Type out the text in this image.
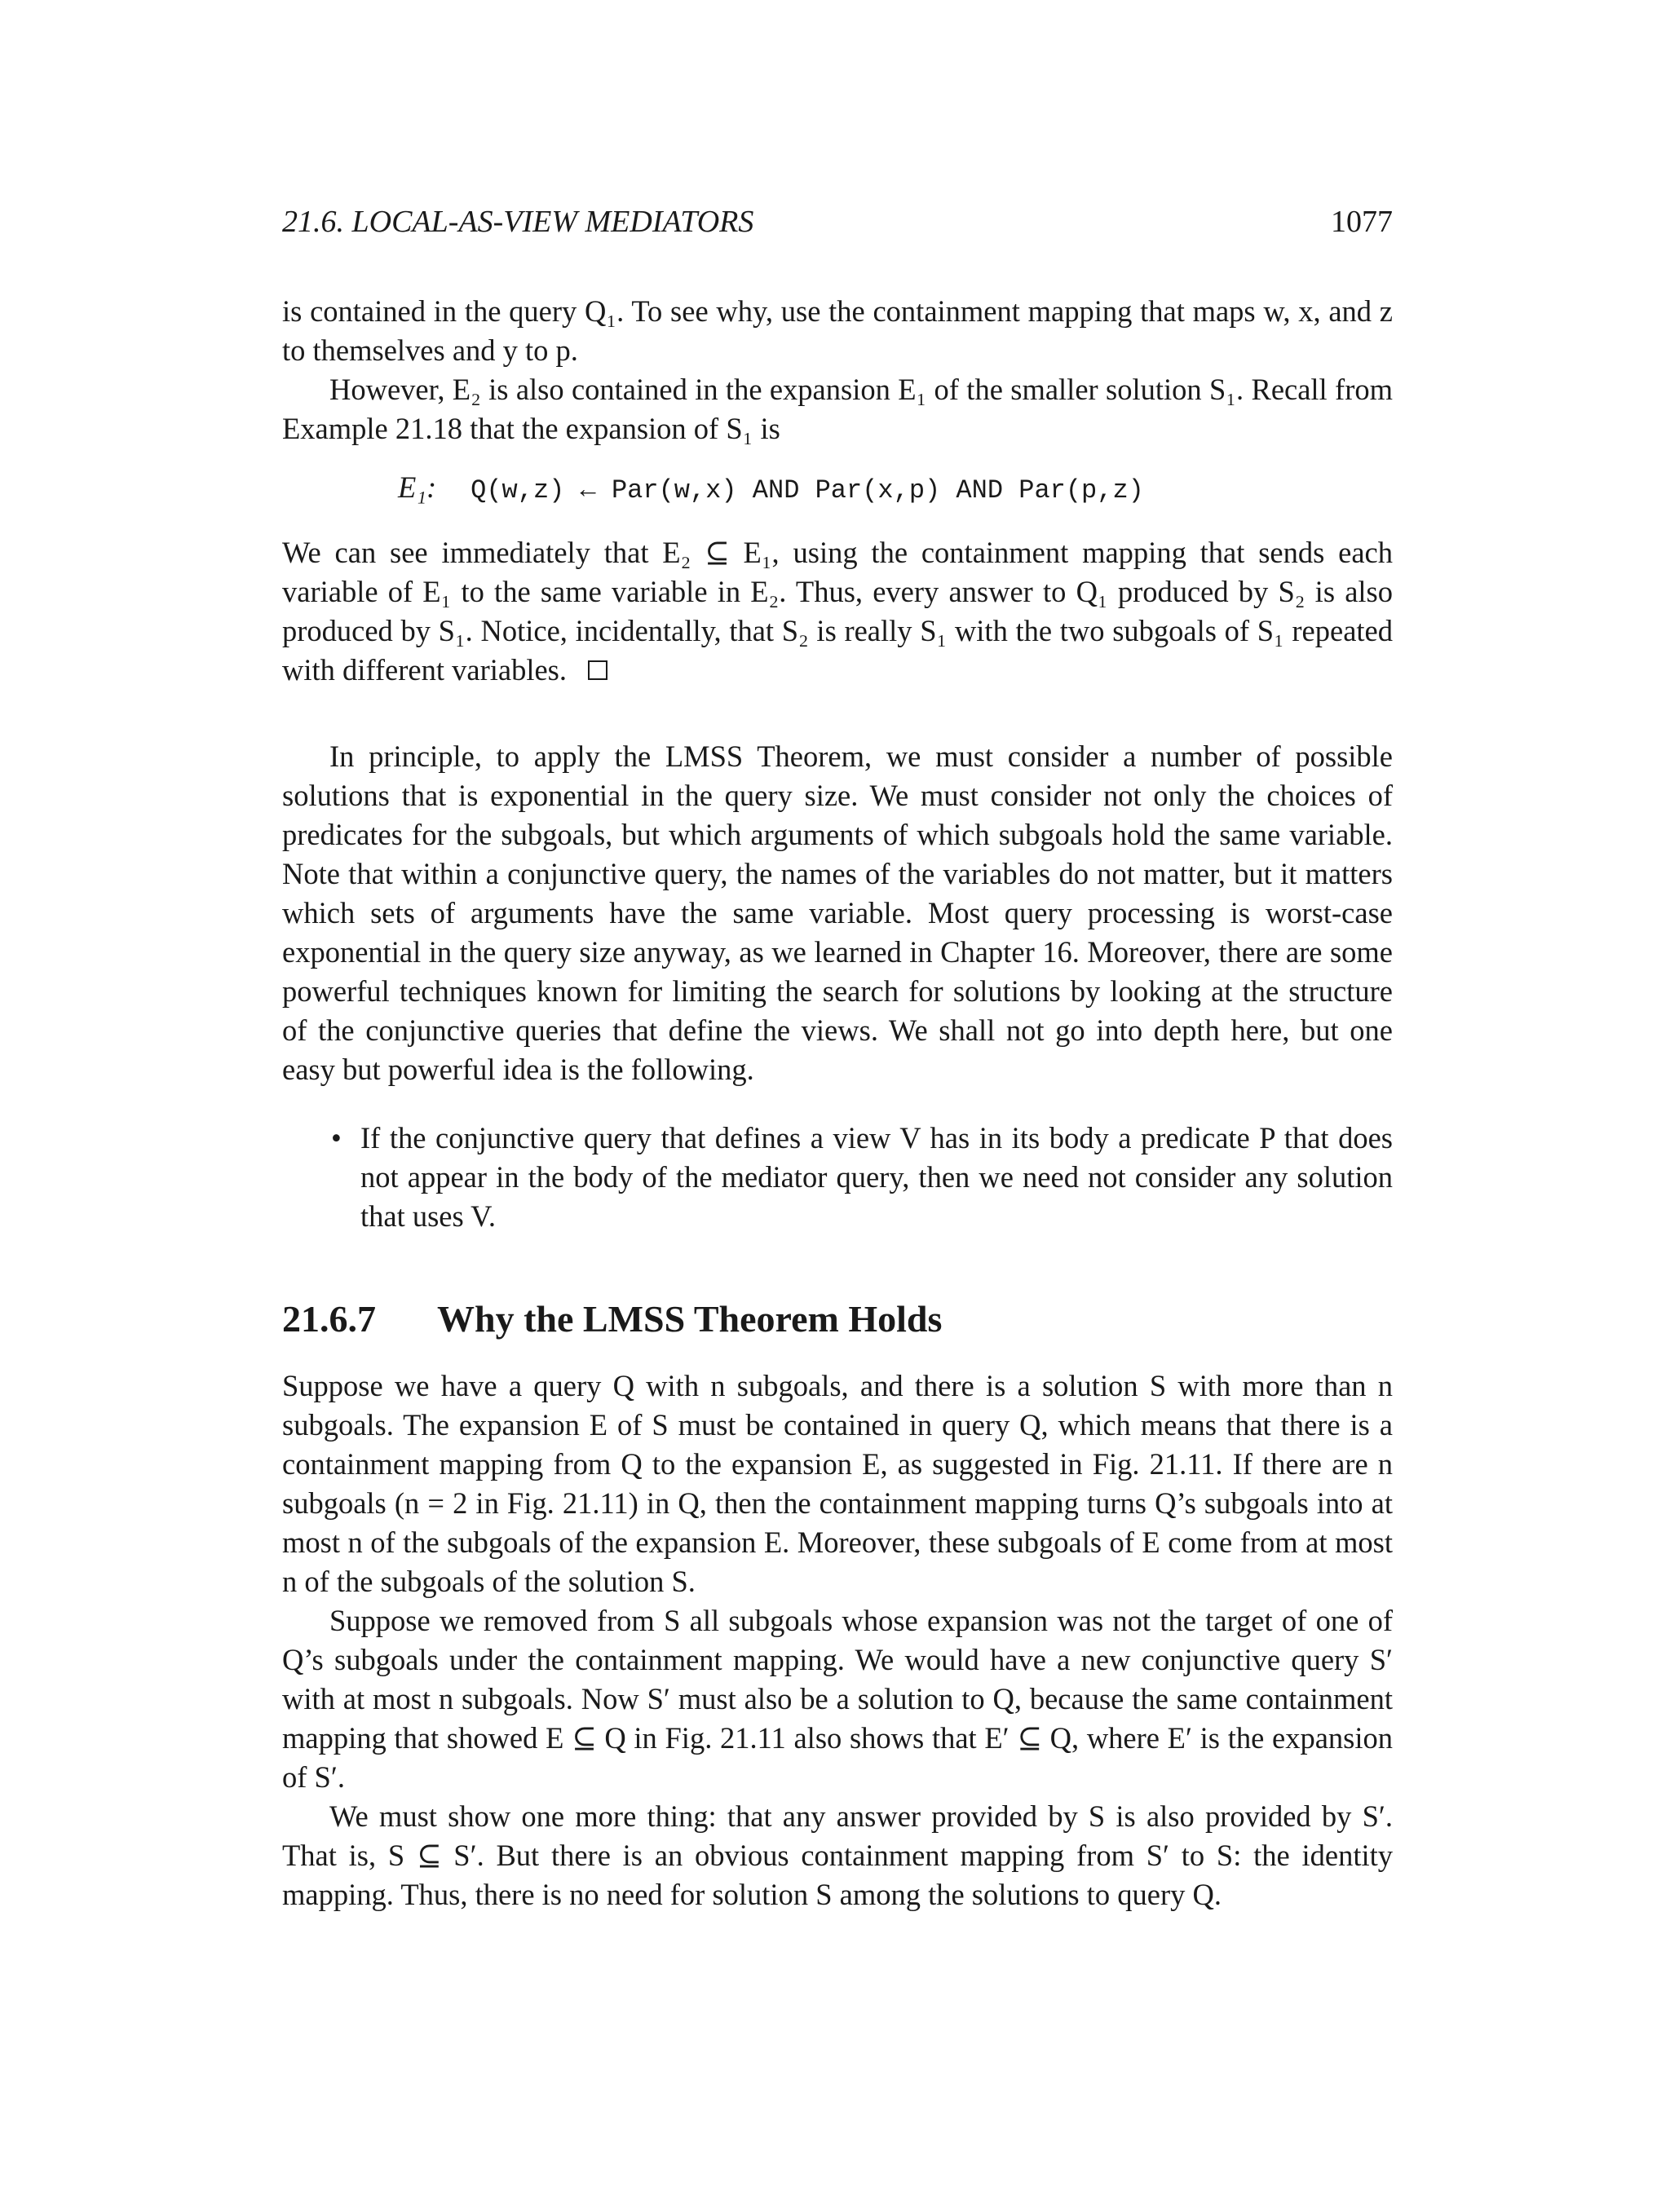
21.6. LOCAL-AS-VIEW MEDIATORS	1077

is contained in the query Q₁. To see why, use the containment mapping that maps w, x, and z to themselves and y to p.

However, E₂ is also contained in the expansion E₁ of the smaller solution S₁. Recall from Example 21.18 that the expansion of S₁ is

E₁: Q(w,z) ← Par(w,x) AND Par(x,p) AND Par(p,z)

We can see immediately that E₂ ⊆ E₁, using the containment mapping that sends each variable of E₁ to the same variable in E₂. Thus, every answer to Q₁ produced by S₂ is also produced by S₁. Notice, incidentally, that S₂ is really S₁ with the two subgoals of S₁ repeated with different variables.

In principle, to apply the LMSS Theorem, we must consider a number of possible solutions that is exponential in the query size. We must consider not only the choices of predicates for the subgoals, but which arguments of which subgoals hold the same variable. Note that within a conjunctive query, the names of the variables do not matter, but it matters which sets of arguments have the same variable. Most query processing is worst-case exponential in the query size anyway, as we learned in Chapter 16. Moreover, there are some powerful techniques known for limiting the search for solutions by looking at the structure of the conjunctive queries that define the views. We shall not go into depth here, but one easy but powerful idea is the following.

• If the conjunctive query that defines a view V has in its body a predicate P that does not appear in the body of the mediator query, then we need not consider any solution that uses V.
21.6.7	Why the LMSS Theorem Holds

Suppose we have a query Q with n subgoals, and there is a solution S with more than n subgoals. The expansion E of S must be contained in query Q, which means that there is a containment mapping from Q to the expansion E, as suggested in Fig. 21.11. If there are n subgoals (n = 2 in Fig. 21.11) in Q, then the containment mapping turns Q’s subgoals into at most n of the subgoals of the expansion E. Moreover, these subgoals of E come from at most n of the subgoals of the solution S.

Suppose we removed from S all subgoals whose expansion was not the target of one of Q’s subgoals under the containment mapping. We would have a new conjunctive query S′ with at most n subgoals. Now S′ must also be a solution to Q, because the same containment mapping that showed E ⊆ Q in Fig. 21.11 also shows that E′ ⊆ Q, where E′ is the expansion of S′.

We must show one more thing: that any answer provided by S is also provided by S′. That is, S ⊆ S′. But there is an obvious containment mapping from S′ to S: the identity mapping. Thus, there is no need for solution S among the solutions to query Q.
